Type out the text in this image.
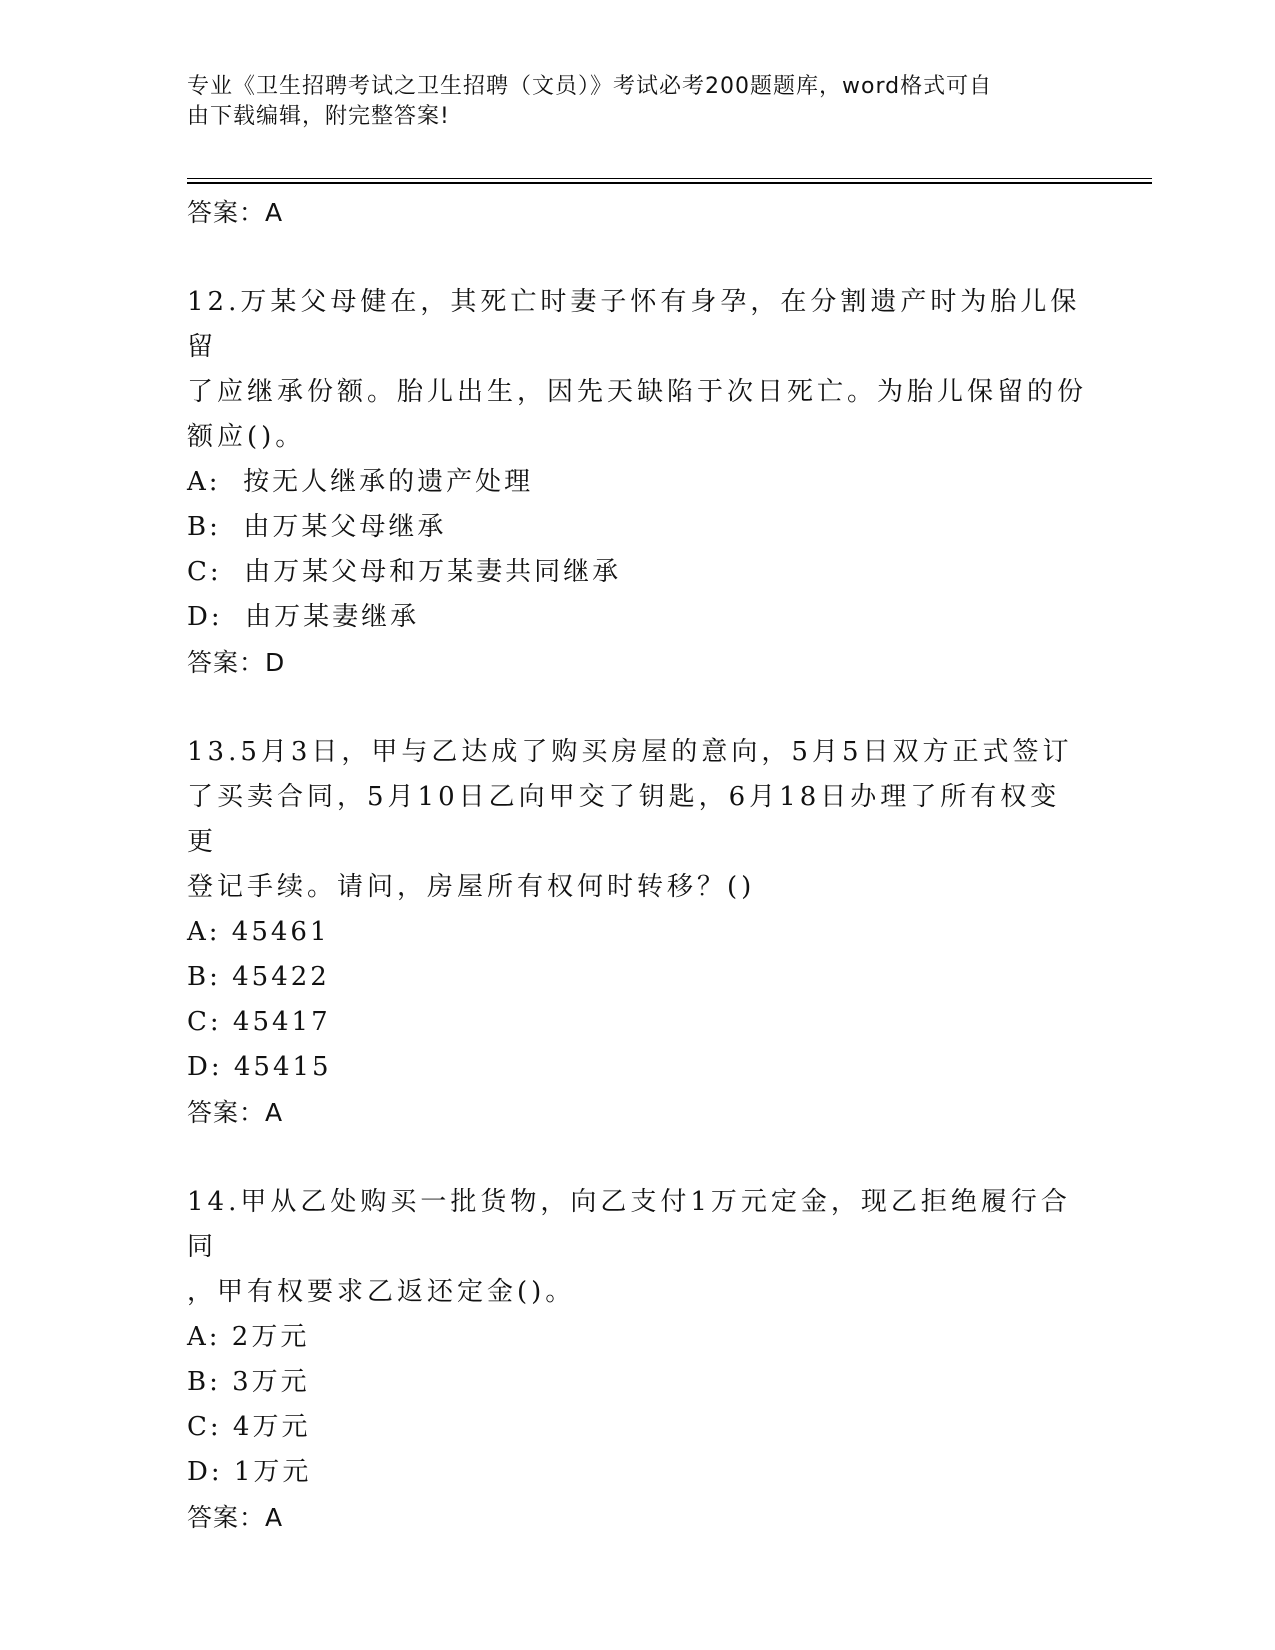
专业《卫生招聘考试之卫生招聘（文员）》考试必考200题题库，word格式可自
由下载编辑，附完整答案!
答案：A
12.万某父母健在，其死亡时妻子怀有身孕，在分割遗产时为胎儿保留
了应继承份额。胎儿出生，因先天缺陷于次日死亡。为胎儿保留的份
额应()。
A:  按无人继承的遗产处理
B:  由万某父母继承
C:  由万某父母和万某妻共同继承
D:  由万某妻继承
答案：D
13.5月3日，甲与乙达成了购买房屋的意向，5月5日双方正式签订
了买卖合同，5月10日乙向甲交了钥匙，6月18日办理了所有权变更
登记手续。请问，房屋所有权何时转移？()
A: 45461
B: 45422
C: 45417
D: 45415
答案：A
14.甲从乙处购买一批货物，向乙支付1万元定金，现乙拒绝履行合同
，甲有权要求乙返还定金()。
A: 2万元
B: 3万元
C: 4万元
D: 1万元
答案：A
